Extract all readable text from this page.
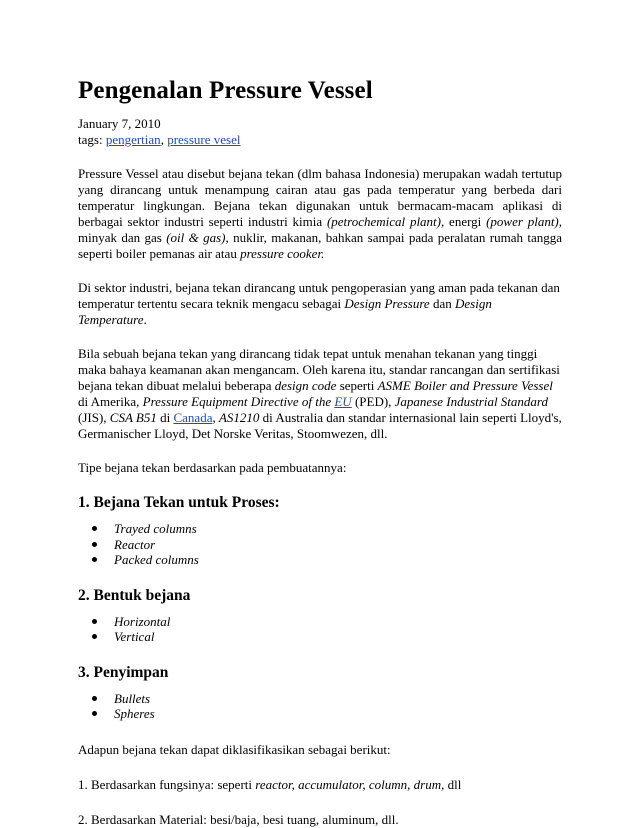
Pengenalan Pressure Vessel
January 7, 2010
tags: pengertian, pressure vesel

Pressure Vessel atau disebut bejana tekan (dlm bahasa Indonesia) merupakan wadah tertutup yang dirancang untuk menampung cairan atau gas pada temperatur yang berbeda dari temperatur lingkungan. Bejana tekan digunakan untuk bermacam-macam aplikasi di berbagai sektor industri seperti industri kimia (petrochemical plant), energi (power plant), minyak dan gas (oil & gas), nuklir, makanan, bahkan sampai pada peralatan rumah tangga seperti boiler pemanas air atau pressure cooker.

Di sektor industri, bejana tekan dirancang untuk pengoperasian yang aman pada tekanan dan temperatur tertentu secara teknik mengacu sebagai Design Pressure dan Design Temperature.

Bila sebuah bejana tekan yang dirancang tidak tepat untuk menahan tekanan yang tinggi maka bahaya keamanan akan mengancam. Oleh karena itu, standar rancangan dan sertifikasi bejana tekan dibuat melalui beberapa design code seperti ASME Boiler and Pressure Vessel di Amerika, Pressure Equipment Directive of the EU (PED), Japanese Industrial Standard (JIS), CSA B51 di Canada, AS1210 di Australia dan standar internasional lain seperti Lloyd's, Germanischer Lloyd, Det Norske Veritas, Stoomwezen, dll.

Tipe bejana tekan berdasarkan pada pembuatannya:

1. Bejana Tekan untuk Proses:
Trayed columns
Reactor
Packed columns
2. Bentuk bejana
Horizontal
Vertical
3. Penyimpan
Bullets
Spheres

Adapun bejana tekan dapat diklasifikasikan sebagai berikut:

1. Berdasarkan fungsinya: seperti reactor, accumulator, column, drum, dll

2. Berdasarkan Material: besi/baja, besi tuang, aluminum, dll.
